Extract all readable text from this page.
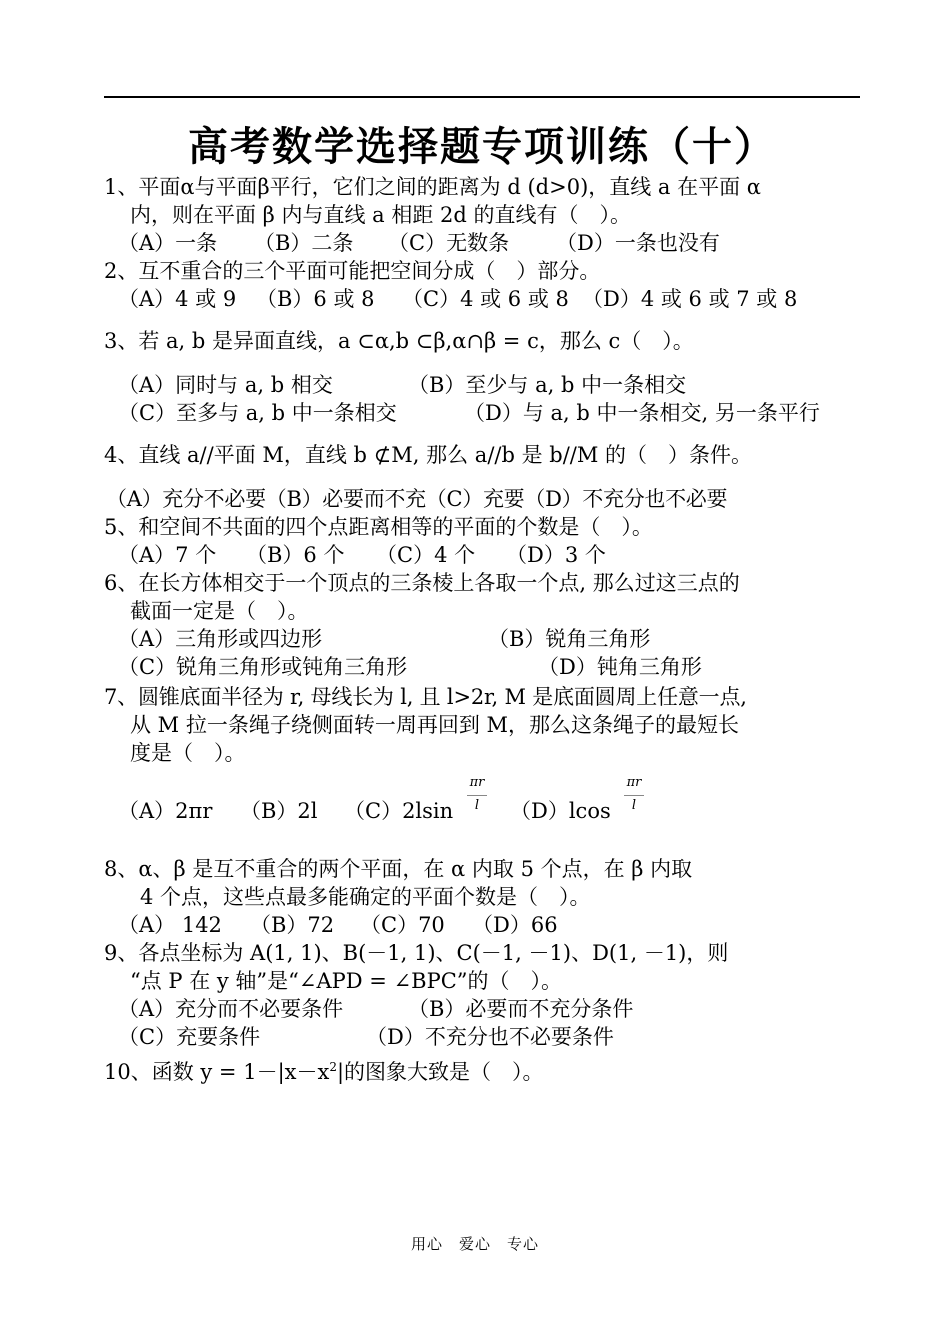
高考数学选择题专项训练（十）
1、平面α与平面β平行，它们之间的距离为 d (d>0)，直线 a 在平面 α
内，则在平面 β 内与直线 a 相距 2d 的直线有（　）。
（A）一条 （B）二条 （C）无数条 （D）一条也没有
2、互不重合的三个平面可能把空间分成（　）部分。
（A）4 或 9 （B）6 或 8 （C）4 或 6 或 8 （D）4 或 6 或 7 或 8
3、若 a, b 是异面直线，a ⊂α,b ⊂β,α∩β = c，那么 c（　）。
（A）同时与 a, b 相交	（B）至少与 a, b 中一条相交
（C）至多与 a, b 中一条相交	（D）与 a, b 中一条相交, 另一条平行
4、直线 a//平面 M，直线 b ⊄M, 那么 a//b 是 b//M 的（　）条件。
（A）充分不必要（B）必要而不充（C）充要（D）不充分也不必要
5、和空间不共面的四个点距离相等的平面的个数是（　）。
（A）7 个 （B）6 个 （C）4 个 （D）3 个
6、在长方体相交于一个顶点的三条棱上各取一个点, 那么过这三点的
截面一定是（　）。
（A）三角形或四边形	（B）锐角三角形
（C）锐角三角形或钝角三角形	（D）钝角三角形
7、圆锥底面半径为 r, 母线长为 l, 且 l>2r, M 是底面圆周上任意一点,
从 M 拉一条绳子绕侧面转一周再回到 M，那么这条绳子的最短长
度是（　）。
（A）2πr （B）2l （C）2lsin
πr
l	（D）lcos
πr
l
8、α、β 是互不重合的两个平面，在 α 内取 5 个点，在 β 内取
4 个点，这些点最多能确定的平面个数是（　）。
（A） 142 （B）72 （C）70 （D）66
9、各点坐标为 A(1, 1)、B(－1, 1)、C(－1, －1)、D(1, －1)，则
“点 P 在 y 轴”是“∠APD = ∠BPC”的（　）。
（A）充分而不必要条件	（B）必要而不充分条件
（C）充要条件	（D）不充分也不必要条件
10、函数 $y = 1-|x-x^2|$的图象大致是（　）。
用心　爱心　专心
